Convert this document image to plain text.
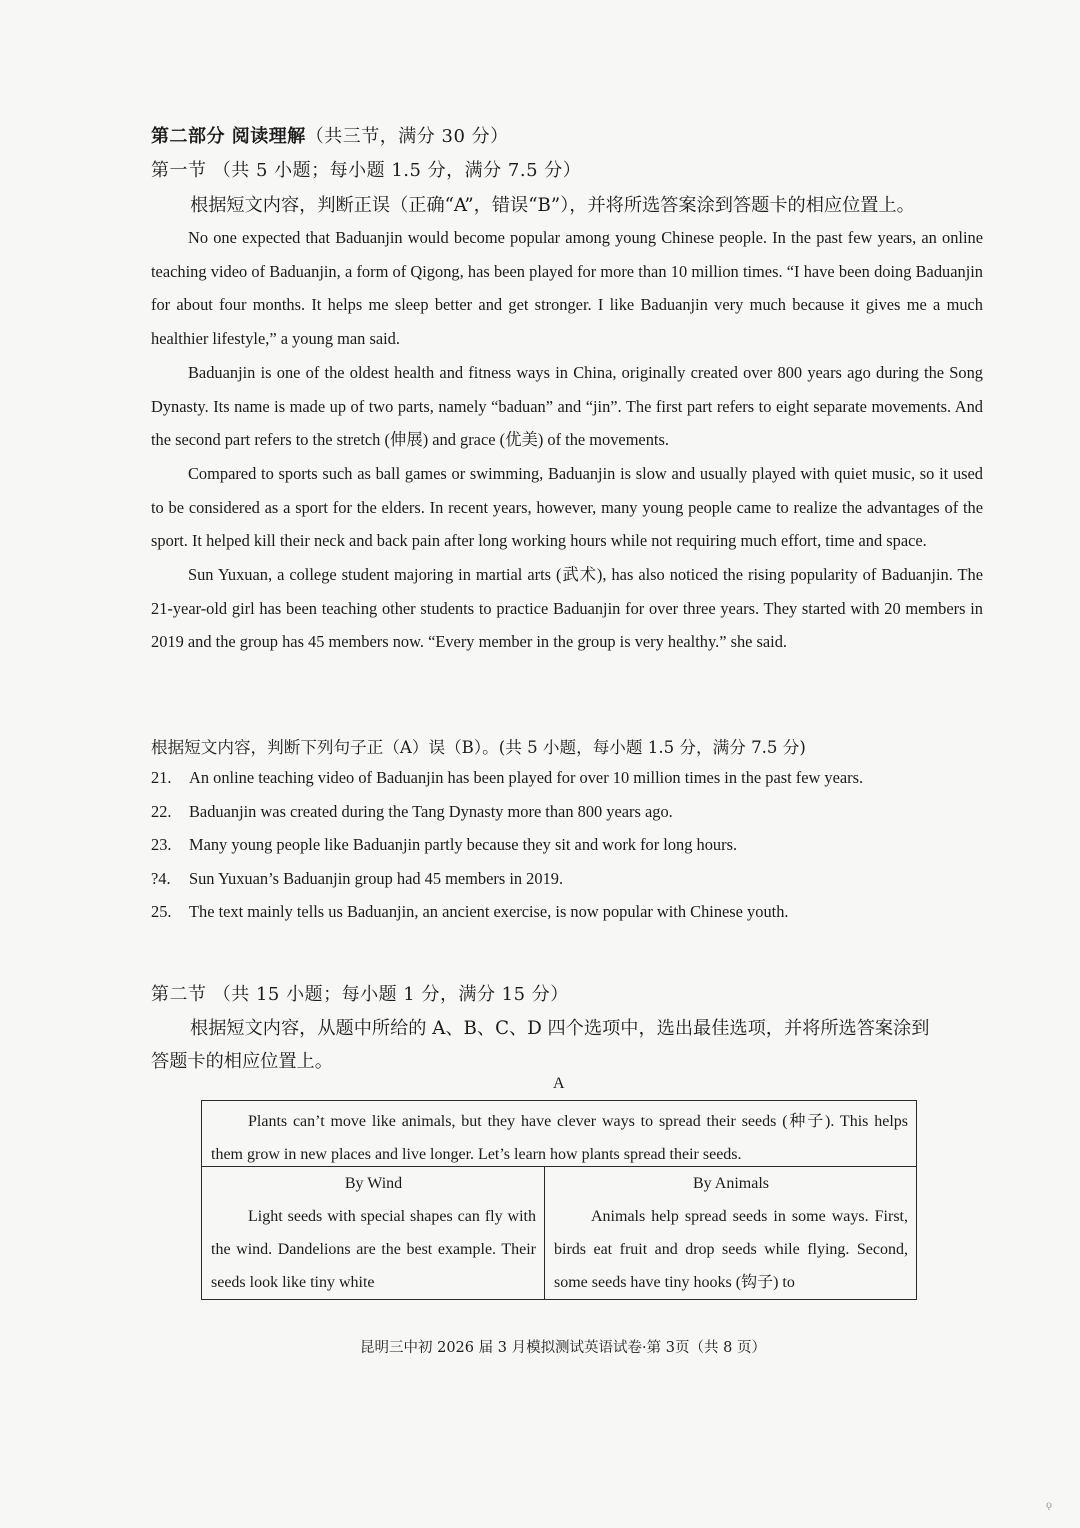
第二部分 阅读理解（共三节，满分 30 分）
第一节 （共 5 小题；每小题 1.5 分，满分 7.5 分）
根据短文内容，判断正误（正确“A”，错误“B”），并将所选答案涂到答题卡的相应位置上。

No one expected that Baduanjin would become popular among young Chinese people. In the past few years, an online teaching video of Baduanjin, a form of Qigong, has been played for more than 10 million times. “I have been doing Baduanjin for about four months. It helps me sleep better and get stronger. I like Baduanjin very much because it gives me a much healthier lifestyle,” a young man said.

Baduanjin is one of the oldest health and fitness ways in China, originally created over 800 years ago during the Song Dynasty. Its name is made up of two parts, namely “baduan” and “jin”. The first part refers to eight separate movements. And the second part refers to the stretch (伸展) and grace (优美) of the movements.

Compared to sports such as ball games or swimming, Baduanjin is slow and usually played with quiet music, so it used to be considered as a sport for the elders. In recent years, however, many young people came to realize the advantages of the sport. It helped kill their neck and back pain after long working hours while not requiring much effort, time and space.

Sun Yuxuan, a college student majoring in martial arts (武术), has also noticed the rising popularity of Baduanjin. The 21-year-old girl has been teaching other students to practice Baduanjin for over three years. They started with 20 members in 2019 and the group has 45 members now. “Every member in the group is very healthy.” she said.

根据短文内容，判断下列句子正（A）误（B）。(共 5 小题，每小题 1.5 分，满分 7.5 分)
21. An online teaching video of Baduanjin has been played for over 10 million times in the past few years.
22. Baduanjin was created during the Tang Dynasty more than 800 years ago.
23. Many young people like Baduanjin partly because they sit and work for long hours.
?4. Sun Yuxuan’s Baduanjin group had 45 members in 2019.
25. The text mainly tells us Baduanjin, an ancient exercise, is now popular with Chinese youth.
第二节 （共 15 小题；每小题 1 分，满分 15 分）
根据短文内容，从题中所给的 A、B、C、D 四个选项中，选出最佳选项，并将所选答案涂到
答题卡的相应位置上。
A
Plants can’t move like animals, but they have clever ways to spread their seeds (种子). This helps them grow in new places and live longer. Let’s learn how plants spread their seeds.
By Wind
Light seeds with special shapes can fly with the wind. Dandelions are the best example. Their seeds look like tiny white
By Animals
Animals help spread seeds in some ways. First, birds eat fruit and drop seeds while flying. Second, some seeds have tiny hooks (钩子) to
昆明三中初 2026 届 3 月模拟测试英语试卷·第 3页（共 8 页）
ǫ
